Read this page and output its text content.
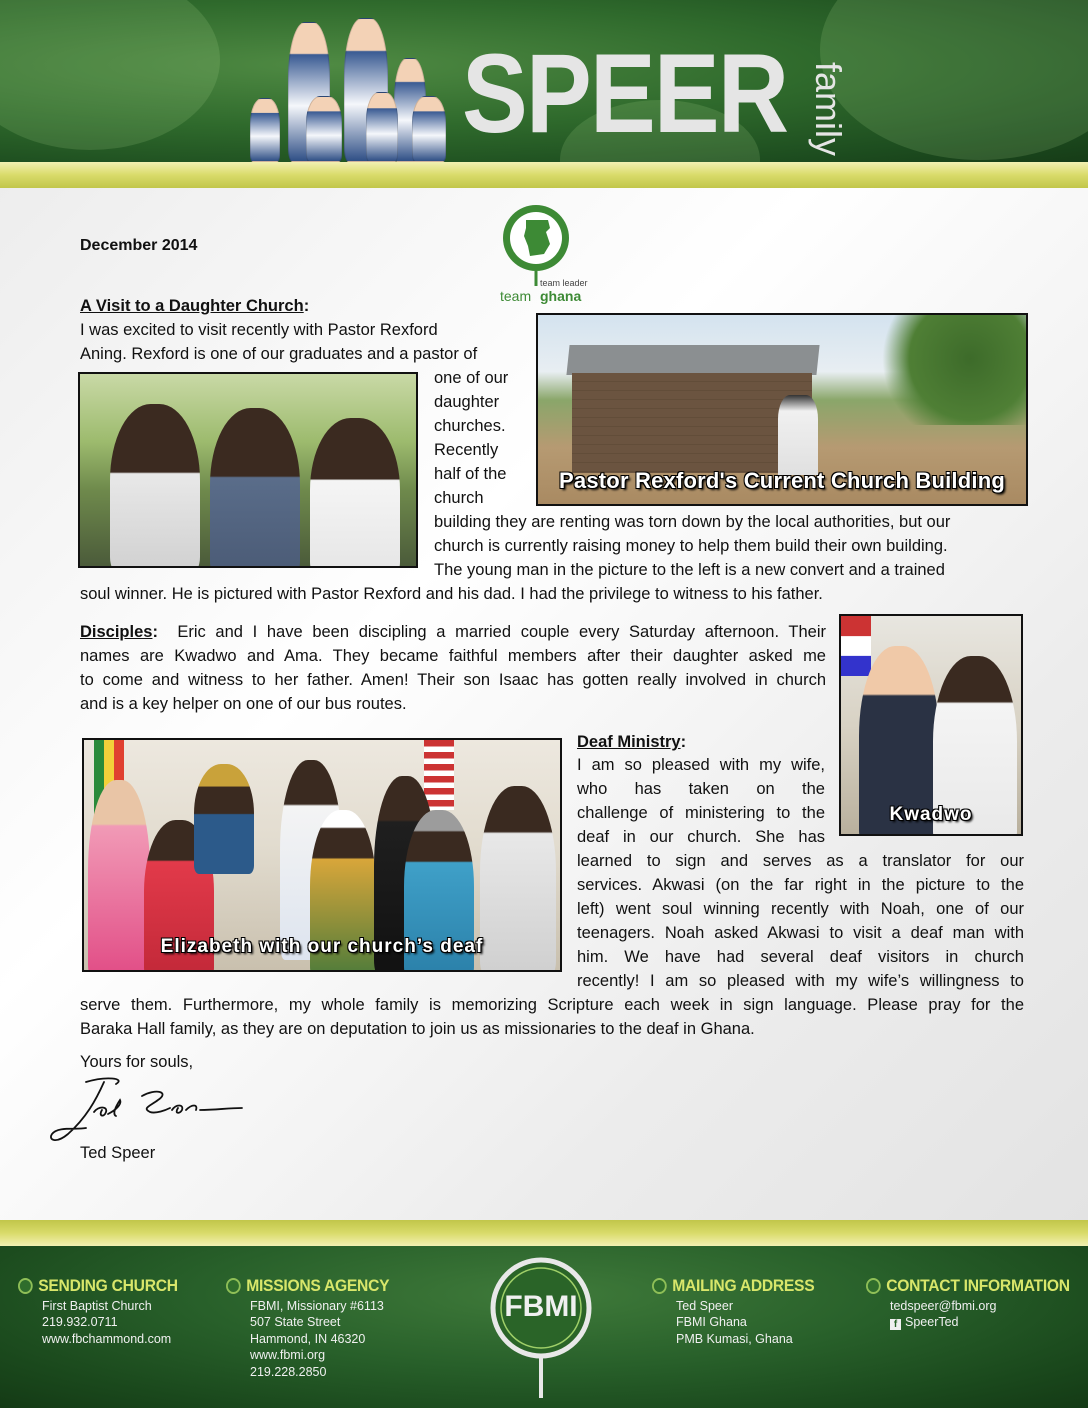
SPEER family
December 2014
team leader
team ghana
A Visit to a Daughter Church:
I was excited to visit recently with Pastor Rexford
Aning. Rexford is one of our graduates and a pastor of
one of our
daughter
churches.
Recently
half of the
church
Pastor Rexford's Current Church Building
building they are renting was torn down by the local authorities, but our
church is currently raising money to help them build their own building.
The young man in the picture to the left is a new convert and a trained
soul winner. He is pictured with Pastor Rexford and his dad. I had the privilege to witness to his father.
Disciples: Eric and I have been discipling a married couple every Saturday afternoon. Their
names are Kwadwo and Ama. They became faithful members after their daughter asked me
to come and witness to her father. Amen! Their son Isaac has gotten really involved in church
and is a key helper on one of our bus routes.
Kwadwo
Elizabeth with our church’s deaf
Deaf Ministry:
I am so pleased with my wife,
who has taken on the
challenge of ministering to the
deaf in our church. She has
learned to sign and serves as a translator for our
services. Akwasi (on the far right in the picture to the
left) went soul winning recently with Noah, one of our
teenagers. Noah asked Akwasi to visit a deaf man with
him. We have had several deaf visitors in church
recently! I am so pleased with my wife’s willingness to
serve them. Furthermore, my whole family is memorizing Scripture each week in sign language. Please pray for the
Baraka Hall family, as they are on deputation to join us as missionaries to the deaf in Ghana.
Yours for souls,
Ted Speer
SENDING CHURCH
First Baptist Church
219.932.0711
www.fbchammond.com
MISSIONS AGENCY
FBMI, Missionary #6113
507 State Street
Hammond, IN 46320
www.fbmi.org
219.228.2850
FBMI
MAILING ADDRESS
Ted Speer
FBMI Ghana
PMB Kumasi, Ghana
CONTACT INFORMATION
tedspeer@fbmi.org
f SpeerTed
